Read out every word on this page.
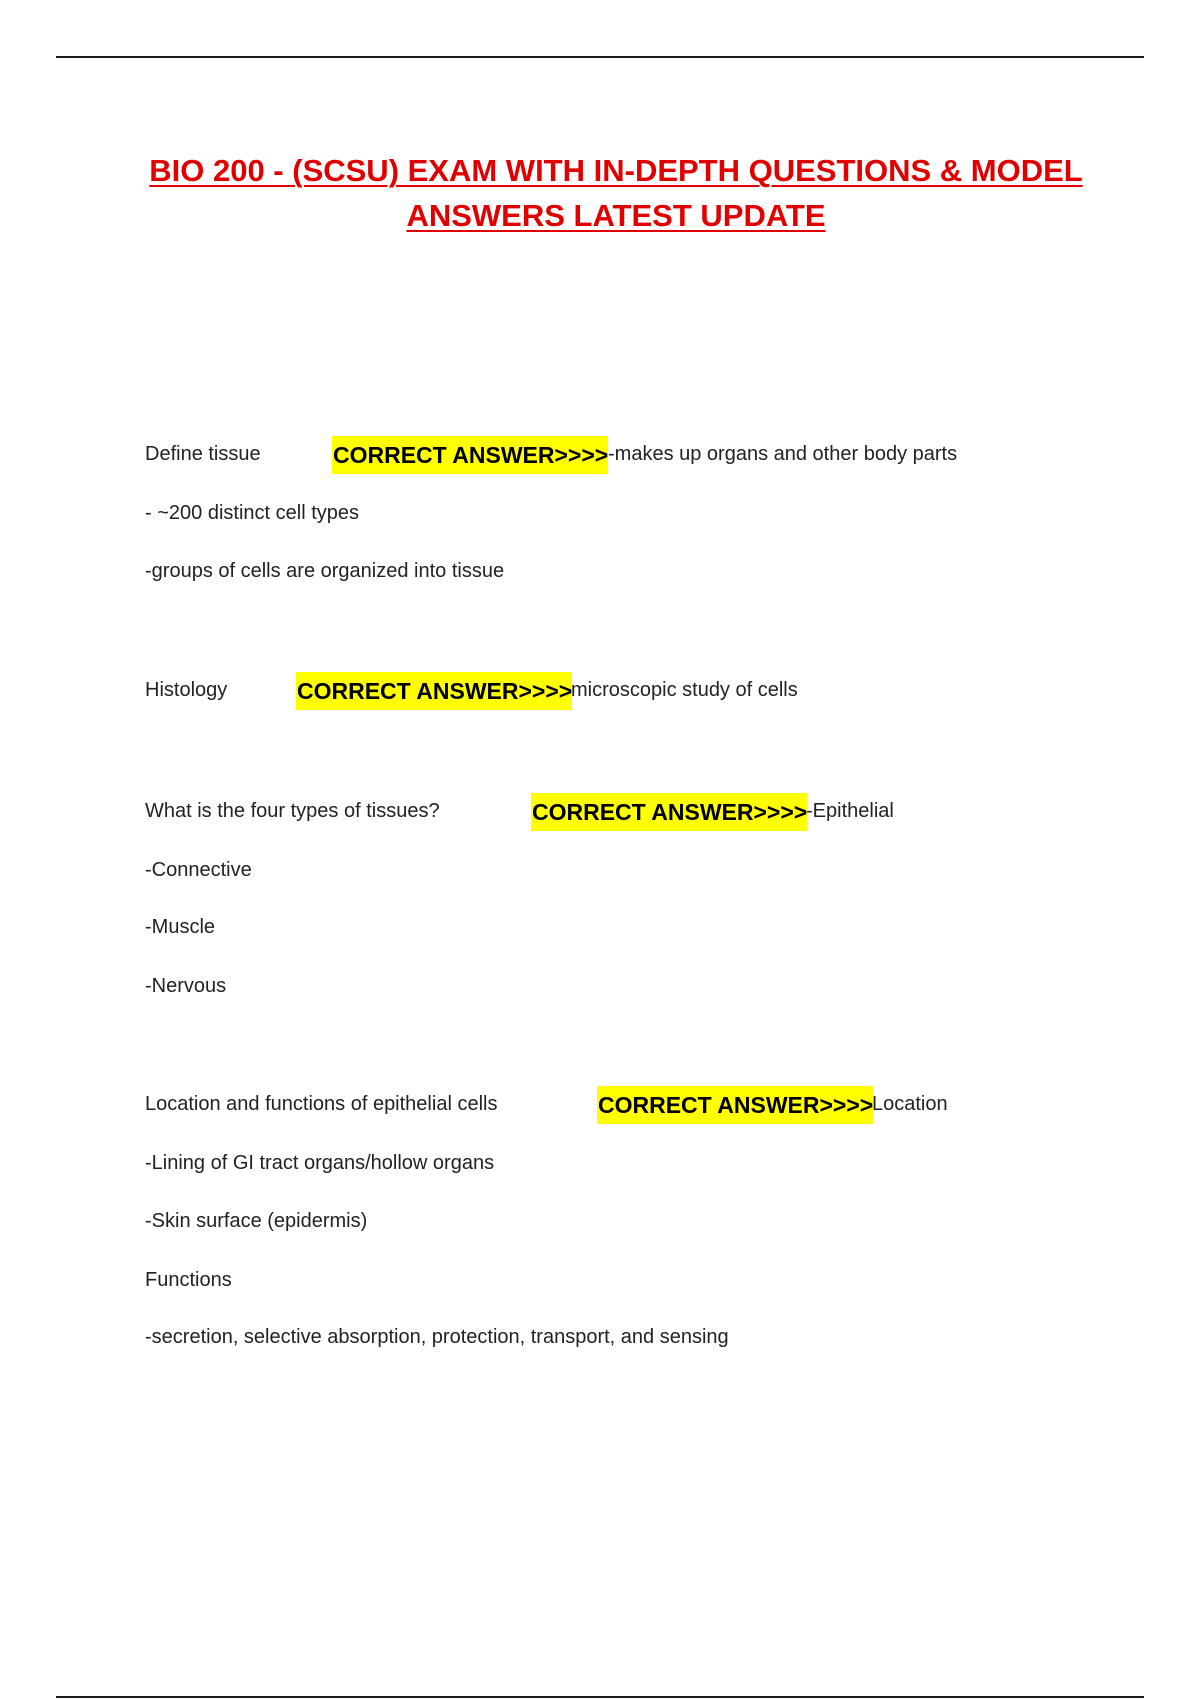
BIO 200 - (SCSU) EXAM WITH IN-DEPTH QUESTIONS & MODEL ANSWERS LATEST UPDATE
Define tissue	CORRECT ANSWER>>>> -makes up organs and other body parts
- ~200 distinct cell types
-groups of cells are organized into tissue
Histology	CORRECT ANSWER>>>>
microscopic study of cells
What is the four types of tissues?	CORRECT ANSWER>>>>
-Epithelial
-Connective
-Muscle
-Nervous
Location and functions of epithelial cells	CORRECT ANSWER>>>>
Location
-Lining of GI tract organs/hollow organs
-Skin surface (epidermis)
Functions
-secretion, selective absorption, protection, transport, and sensing
